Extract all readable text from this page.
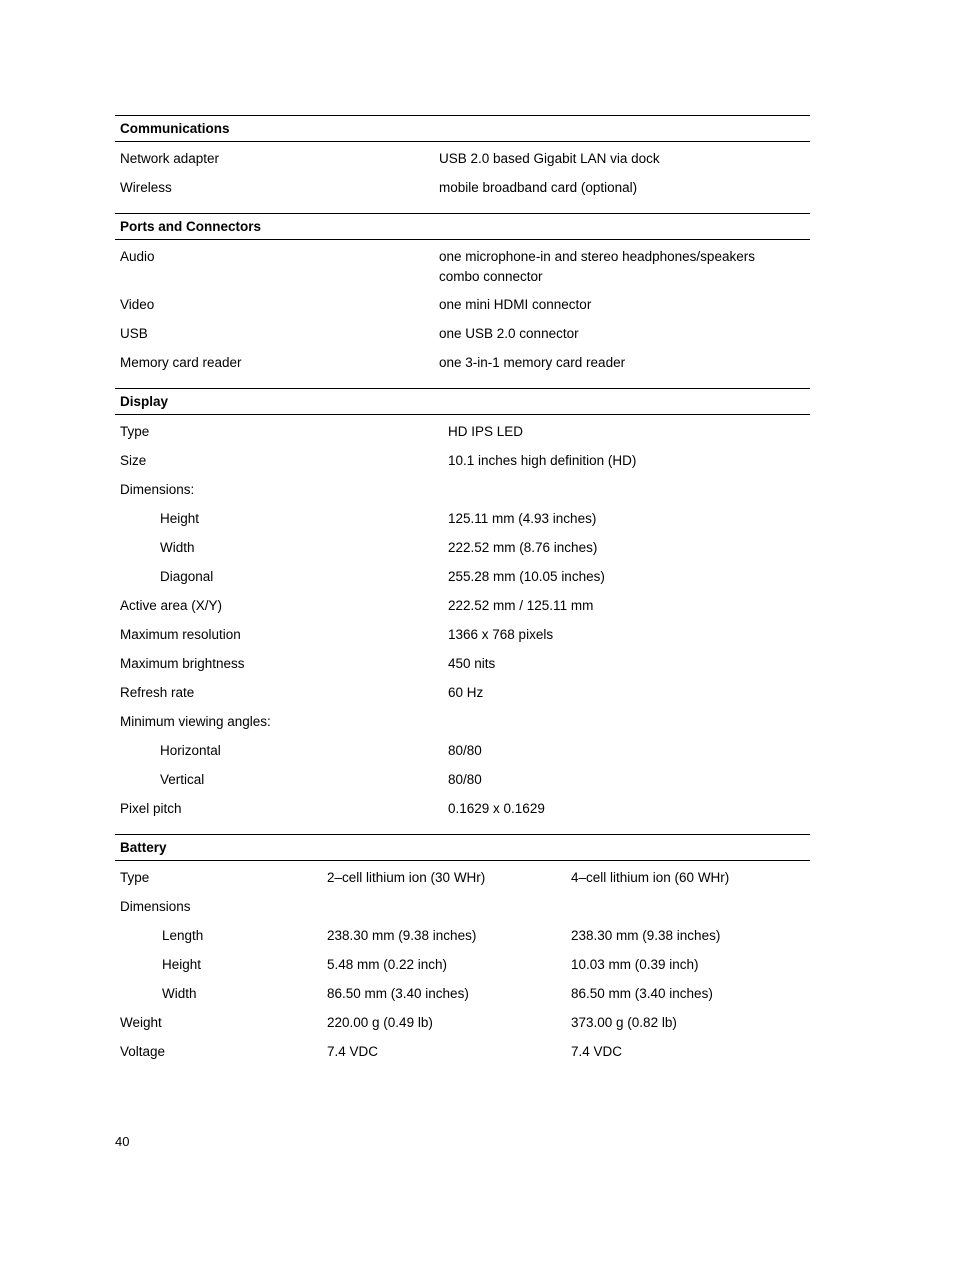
Communications
Network adapter	USB 2.0 based Gigabit LAN via dock
Wireless	mobile broadband card (optional)
Ports and Connectors
Audio	one microphone-in and stereo headphones/speakers combo connector
Video	one mini HDMI connector
USB	one USB 2.0 connector
Memory card reader	one 3-in-1 memory card reader
Display
Type	HD IPS LED
Size	10.1 inches high definition (HD)
Dimensions:
Height	125.11 mm (4.93 inches)
Width	222.52 mm (8.76 inches)
Diagonal	255.28 mm (10.05 inches)
Active area (X/Y)	222.52 mm / 125.11 mm
Maximum resolution	1366 x 768 pixels
Maximum brightness	450 nits
Refresh rate	60 Hz
Minimum viewing angles:
Horizontal	80/80
Vertical	80/80
Pixel pitch	0.1629 x 0.1629
Battery
Type	2–cell lithium ion (30 WHr)	4–cell lithium ion (60 WHr)
Dimensions
Length	238.30 mm (9.38 inches)	238.30 mm (9.38 inches)
Height	5.48 mm (0.22 inch)	10.03 mm (0.39 inch)
Width	86.50 mm (3.40 inches)	86.50 mm (3.40 inches)
Weight	220.00 g (0.49 lb)	373.00 g (0.82 lb)
Voltage	7.4 VDC	7.4 VDC
40
